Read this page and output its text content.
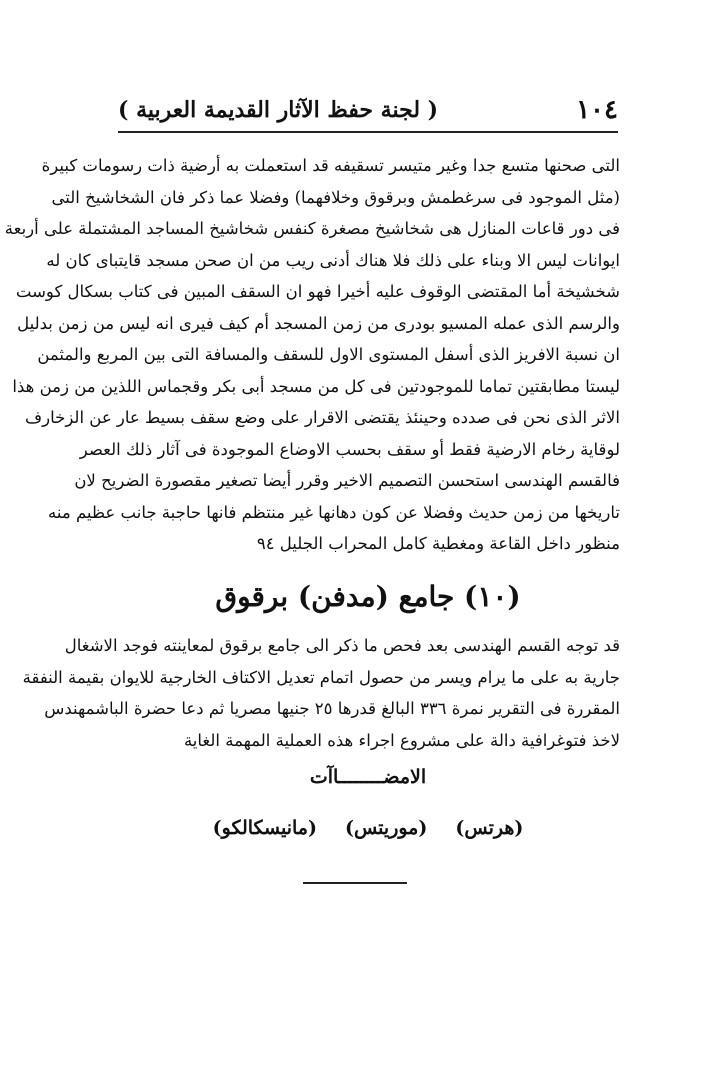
١٠٤
( لجنة حفظ الآثار القديمة العربية )
التى صحنها متسع جدا وغير متيسر تسقيفه قد استعملت به أرضية ذات رسومات كبيرة
(مثل الموجود فى سرغطمش وبرقوق وخلافهما) وفضلا عما ذكر فان الشخاشيخ التى
فى دور قاعات المنازل هى شخاشيخ مصغرة كنفس شخاشيخ المساجد المشتملة على أربعة
ايوانات ليس الا وبناء على ذلك فلا هناك أدنى ريب من ان صحن مسجد قايتباى كان له
شخشيخة أما المقتضى الوقوف عليه أخيرا فهو ان السقف المبين فى كتاب بسكال كوست
والرسم الذى عمله المسيو بودرى من زمن المسجد أم كيف فيرى انه ليس من زمن بدليل
ان نسبة الافريز الذى أسفل المستوى الاول للسقف والمسافة التى بين المربع والمثمن
ليستا مطابقتين تماما للموجودتين فى كل من مسجد أبى بكر وقجماس اللذين من زمن هذا
الاثر الذى نحن فى صدده وحينئذ يقتضى الاقرار على وضع سقف بسيط عار عن الزخارف
لوقاية رخام الارضية فقط أو سقف بحسب الاوضاع الموجودة فى آثار ذلك العصر
فالقسم الهندسى استحسن التصميم الاخير وقرر أيضا تصغير مقصورة الضريح لان
تاريخها من زمن حديث وفضلا عن كون دهانها غير منتظم فانها حاجبة جانب عظيم منه
منظور داخل القاعة ومغطية كامل المحراب الجليل ٩٤
(١٠) جامع (مدفن) برقوق
قد توجه القسم الهندسى بعد فحص ما ذكر الى جامع برقوق لمعاينته فوجد الاشغال
جارية به على ما يرام ويسر من حصول اتمام تعديل الاكتاف الخارجية للايوان بقيمة النفقة
المقررة فى التقرير نمرة ٣٣٦ البالغ قدرها ٢٥ جنيها مصريا ثم دعا حضرة الباشمهندس
لاخذ فتوغرافية دالة على مشروع اجراء هذه العملية المهمة الغاية
الامضــــــــاآت
(هرتس)
(موريتس)
(مانيسكالكو)
